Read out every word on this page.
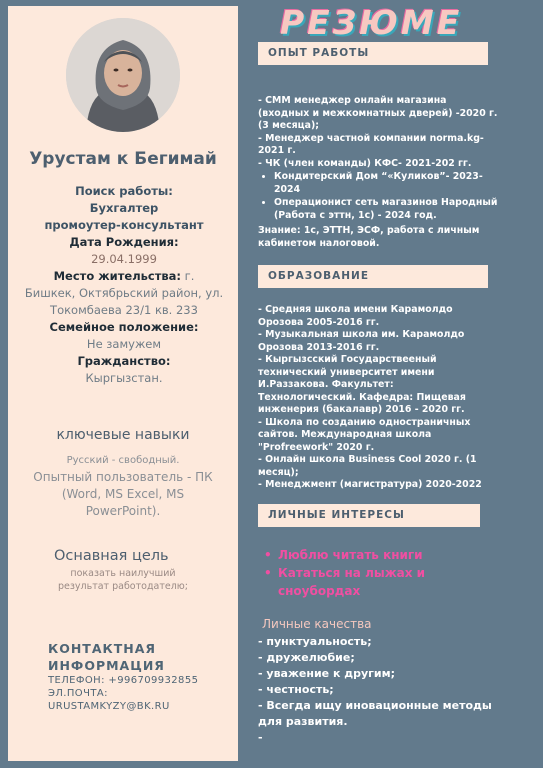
Урустам к Бегимай
Поиск работы:
Бухгалтер
промоутер-консультант
Дата Рождения:
29.04.1999
Место жительства: г.
Бишкек, Октябрьский район, ул. Токомбаева 23/1 кв. 233
Семейное положение:
Не замужем
Гражданство:
Кыргызстан.
ключевые навыки
Русский - свободный.
Опытный пользователь - ПК (Word, MS Excel, MS PowerPoint).
Оснавная цель
показать наилучший результат работодателю;
КОНТАКТНАЯ ИНФОРМАЦИЯ
ТЕЛЕФОН: +996709932855
ЭЛ.ПОЧТА:
URUSTAMKYZY@BK.RU
РЕЗЮМЕ
ОПЫТ РАБОТЫ
- СММ менеджер онлайн магазина (входных и межкомнатных дверей) -2020 г. (3 месяца);
- Менеджер частной компании norma.kg- 2021 г.
- ЧК (член команды) КФС- 2021-202 гг.
• Кондитерский Дом “«Куликов”- 2023-2024
• Операционист сеть магазинов Народный (Работа с эттн, 1с) - 2024 год.
Знание: 1с, ЭТТН, ЭСФ, работа с личным кабинетом налоговой.
ОБРАЗОВАНИЕ
- Средняя школа имени Карамолдо Орозова 2005-2016 гг.
- Музыкальная школа им. Карамолдо Орозова 2013-2016 гг.
- Кыргызсский Государствееный технический университет имени И.Раззакова. Факультет: Технологический. Кафедра: Пищевая инженерия (бакалавр) 2016 - 2020 гг.
- Школа по созданию одностраничных сайтов. Международная школа "Profreework" 2020 г.
- Онлайн школа Business Cool 2020 г. (1 месяц);
- Менеджмент (магистратура) 2020-2022
ЛИЧНЫЕ ИНТЕРЕСЫ
• Люблю читать книги
• Кататься на лыжах и сноубордах
Личные качества
- пунктуальность;
- дружелюбие;
- уважение к другим;
- честность;
- Всегда ищу иновационные методы для развития.
-
